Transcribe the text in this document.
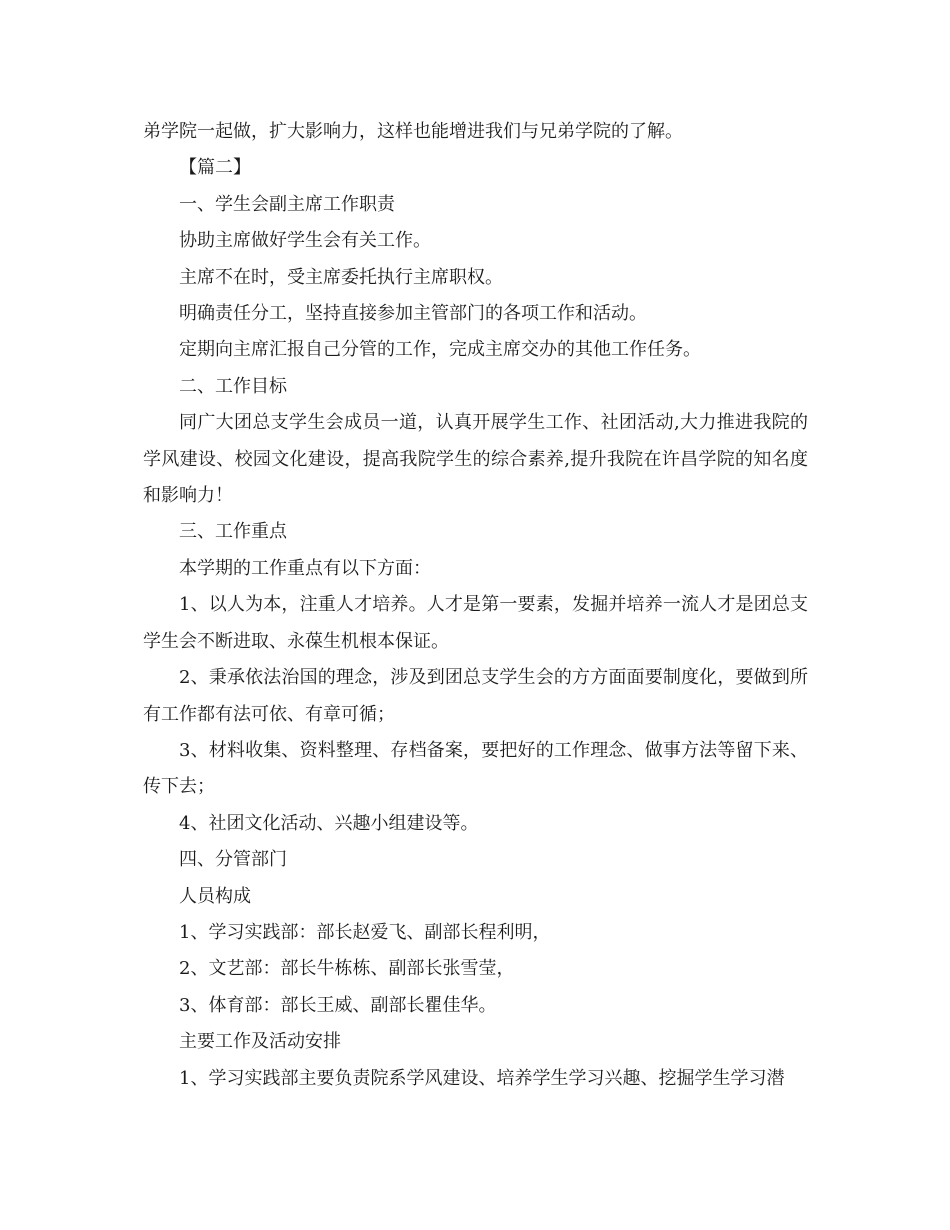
弟学院一起做，扩大影响力，这样也能增进我们与兄弟学院的了解。

【篇二】

一、学生会副主席工作职责

协助主席做好学生会有关工作。

主席不在时，受主席委托执行主席职权。

明确责任分工，坚持直接参加主管部门的各项工作和活动。

定期向主席汇报自己分管的工作，完成主席交办的其他工作任务。

二、工作目标

同广大团总支学生会成员一道，认真开展学生工作、社团活动,大力推进我院的学风建设、校园文化建设，提高我院学生的综合素养,提升我院在许昌学院的知名度和影响力！

三、工作重点

本学期的工作重点有以下方面：

1、以人为本，注重人才培养。人才是第一要素，发掘并培养一流人才是团总支学生会不断进取、永葆生机根本保证。

2、秉承依法治国的理念，涉及到团总支学生会的方方面面要制度化，要做到所有工作都有法可依、有章可循；

3、材料收集、资料整理、存档备案，要把好的工作理念、做事方法等留下来、传下去；

4、社团文化活动、兴趣小组建设等。

四、分管部门

人员构成

1、学习实践部：部长赵爱飞、副部长程利明，

2、文艺部：部长牛栋栋、副部长张雪莹，

3、体育部：部长王威、副部长瞿佳华。

主要工作及活动安排

1、学习实践部主要负责院系学风建设、培养学生学习兴趣、挖掘学生学习潜
